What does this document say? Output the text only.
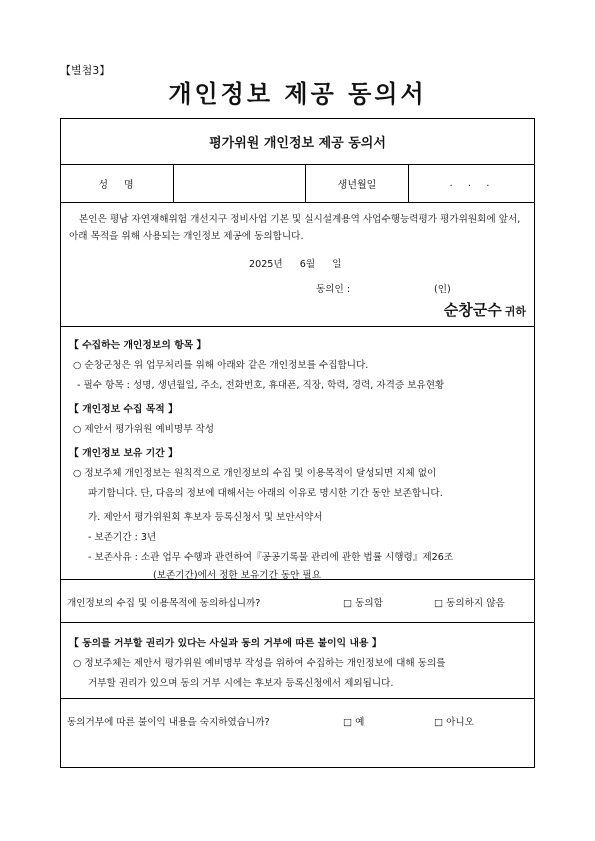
【별첨3】
개인정보 제공 동의서
평가위원 개인정보 제공 동의서
성명	생년월일	. . .
본인은 평남 자연재해위험 개선지구 정비사업 기본 및 실시설계용역 사업수행능력평가 평가위원회에 앞서, 아래 목적을 위해 사용되는 개인정보 제공에 동의합니다.
2025년 6월 일
동의인 :	(인)
순창군수 귀하
【 수집하는 개인정보의 항목 】
○ 순창군청은 위 업무처리를 위해 아래와 같은 개인정보를 수집합니다.
- 필수 항목 : 성명, 생년월일, 주소, 전화번호, 휴대폰, 직장, 학력, 경력, 자격증 보유현황
【 개인정보 수집 목적 】
○ 제안서 평가위원 예비명부 작성
【 개인정보 보유 기간 】
○ 정보주체 개인정보는 원칙적으로 개인정보의 수집 및 이용목적이 달성되면 지체 없이
파기합니다. 단, 다음의 정보에 대해서는 아래의 이유로 명시한 기간 동안 보존합니다.
가. 제안서 평가위원회 후보자 등록신청서 및 보안서약서
- 보존기간 : 3년
- 보존사유 : 소관 업무 수행과 관련하여『공공기록물 관리에 관한 법률 시행령』제26조
(보존기간)에서 정한 보유기간 동안 필요
개인정보의 수집 및 이용목적에 동의하십니까?	□ 동의함	□ 동의하지 않음
【 동의를 거부할 권리가 있다는 사실과 동의 거부에 따른 불이익 내용 】
○ 정보주체는 제안서 평가위원 예비명부 작성을 위하여 수집하는 개인정보에 대해 동의를
거부할 권리가 있으며 동의 거부 시에는 후보자 등록신청에서 제외됩니다.
동의거부에 따른 불이익 내용을 숙지하였습니까?	□ 예	□ 아니오
